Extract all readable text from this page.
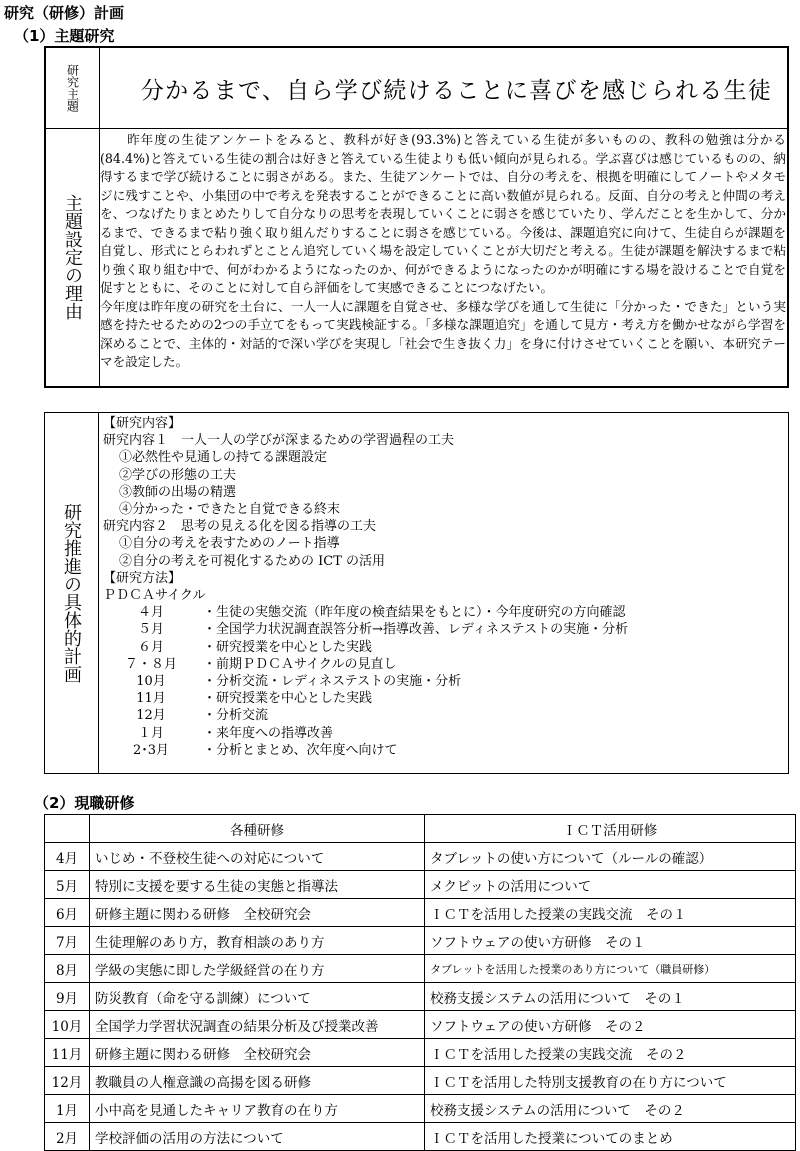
研究（研修）計画
（1）主題研究
研究主題	分かるまで、自ら学び続けることに喜びを感じられる生徒
主題設定の理由

　　昨年度の生徒アンケートをみると、教科が好き(93.3%)と答えている生徒が多いものの、教科の勉強は分かる(84.4%)と答えている生徒の割合は好きと答えている生徒よりも低い傾向が見られる。学ぶ喜びは感じているものの、納得するまで学び続けることに弱さがある。また、生徒アンケートでは、自分の考えを、根拠を明確にしてノートやメタモジに残すことや、小集団の中で考えを発表することができることに高い数値が見られる。反面、自分の考えと仲間の考えを、つなげたりまとめたりして自分なりの思考を表現していくことに弱さを感じていたり、学んだことを生かして、分かるまで、できるまで粘り強く取り組んだりすることに弱さを感じている。今後は、課題追究に向けて、生徒自らが課題を自覚し、形式にとらわれずとことん追究していく場を設定していくことが大切だと考える。生徒が課題を解決するまで粘り強く取り組む中で、何がわかるようになったのか、何ができるようになったのかが明確にする場を設けることで自覚を促すとともに、そのことに対して自ら評価をして実感できることにつなげたい。

今年度は昨年度の研究を土台に、一人一人に課題を自覚させ、多様な学びを通して生徒に「分かった・できた」という実感を持たせるための2つの手立てをもって実践検証する。「多様な課題追究」を通して見方・考え方を働かせながら学習を深めることで、主体的・対話的で深い学びを実現し「社会で生き抜く力」を身に付けさせていくことを願い、本研究テーマを設定した。

研究推進の具体的計画
【研究内容】
研究内容１　一人一人の学びが深まるための学習過程の工夫
①必然性や見通しの持てる課題設定
②学びの形態の工夫
③教師の出場の精選
④分かった・できたと自覚できる終末
研究内容２　思考の見える化を図る指導の工夫
①自分の考えを表すためのノート指導
②自分の考えを可視化するための ICT の活用
【研究方法】
ＰＤＣＡサイクル
４月	・生徒の実態交流（昨年度の検査結果をもとに）・今年度研究の方向確認
５月	・全国学力状況調査誤答分析→指導改善、レディネステストの実施・分析
６月	・研究授業を中心とした実践
７・８月	・前期ＰＤＣＡサイクルの見直し
10月	・分析交流・レディネステストの実施・分析
11月	・研究授業を中心とした実践
12月	・分析交流
１月	・来年度への指導改善
2･3月	・分析とまとめ、次年度へ向けて
（2）現職研修
	各種研修	ＩＣＴ活用研修
4月	いじめ・不登校生徒への対応について	タブレットの使い方について（ルールの確認）
5月	特別に支援を要する生徒の実態と指導法	メクビットの活用について
6月	研修主題に関わる研修　全校研究会	ＩＣＴを活用した授業の実践交流　その１
7月	生徒理解のあり方，教育相談のあり方	ソフトウェアの使い方研修　その１
8月	学級の実態に即した学級経営の在り方	タブレットを活用した授業のあり方について（職員研修）
9月	防災教育（命を守る訓練）について	校務支援システムの活用について　その１
10月	全国学力学習状況調査の結果分析及び授業改善	ソフトウェアの使い方研修　その２
11月	研修主題に関わる研修　全校研究会	ＩＣＴを活用した授業の実践交流　その２
12月	教職員の人権意識の高揚を図る研修	ＩＣＴを活用した特別支援教育の在り方について
1月	小中高を見通したキャリア教育の在り方	校務支援システムの活用について　その２
2月	学校評価の活用の方法について	ＩＣＴを活用した授業についてのまとめ
